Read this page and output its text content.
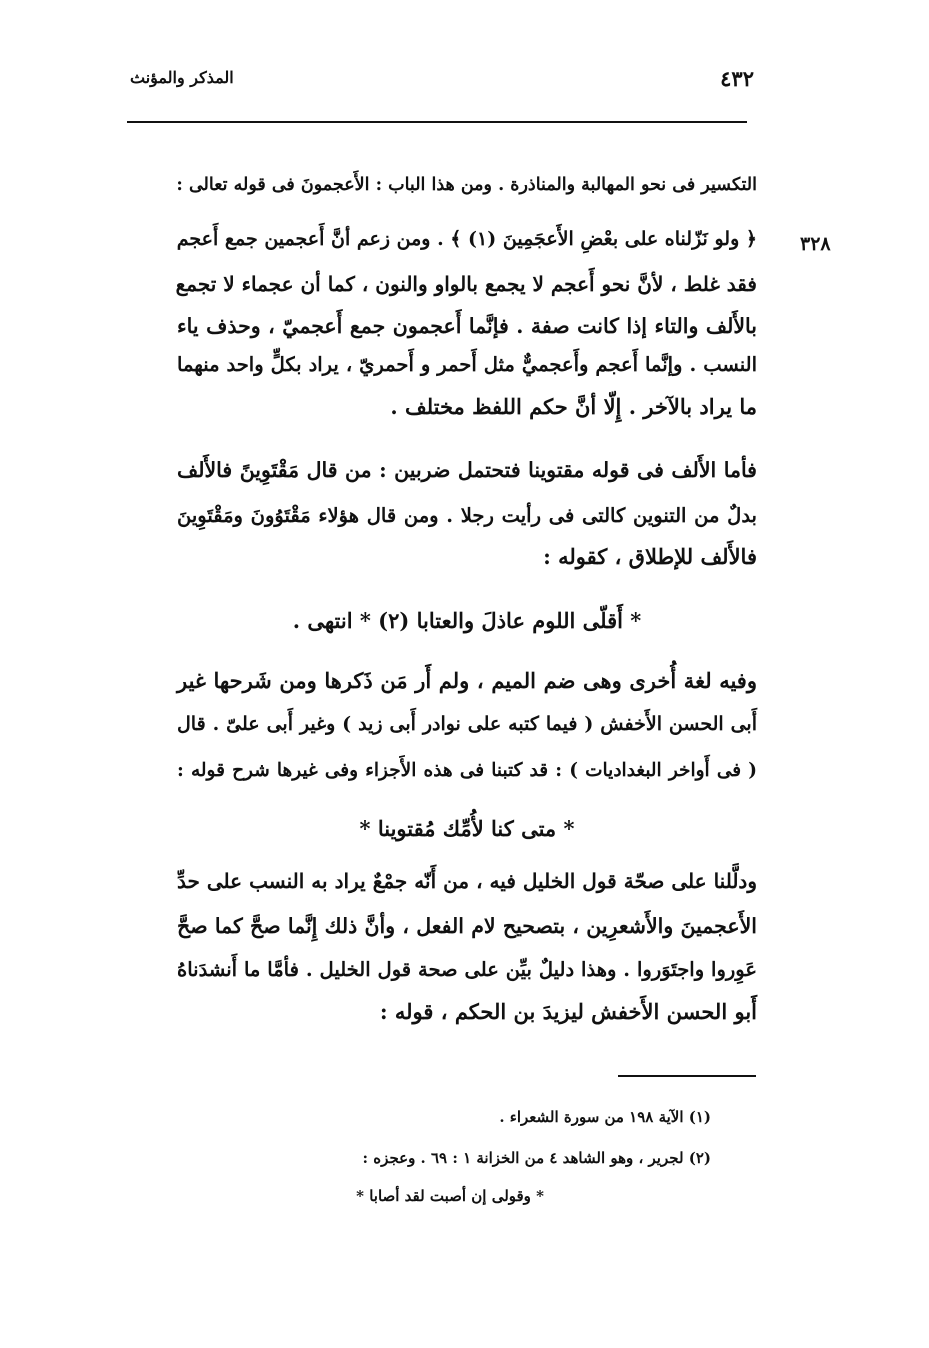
٤٣٢
المذكر والمؤنث
٣٢٨
التكسير فى نحو المهالبة والمناذرة . ومن هذا الباب : الأَعجمونَ فى قوله تعالى :
﴿ ولو نَزّلناه على بعْضِ الأَعجَمِينَ (١) ﴾ . ومن زعم أنَّ أَعجمين جمع أَعجم
فقد غلط ، لأنَّ نحو أَعجم لا يجمع بالواو والنون ، كما أن عجماء لا تجمع
بالأَلف والتاء إذا كانت صفة . فإنَّما أَعجمون جمع أَعجميّ ، وحذف ياء
النسب . وإنَّما أَعجم وأَعجميٌّ مثل أَحمر و أَحمريّ ، يراد بكلٍّ واحد منهما
ما يراد بالآخر . إِلّا أنَّ حكم اللفظ مختلف .
فأما الأَلف فى قوله مقتوينا فتحتمل ضربين : من قال مَقْتَوِينً فالأَلف
بدلٌ من التنوين كالتى فى رأيت رجلا . ومن قال هؤلاء مَقْتَوُونَ ومَقْتَوِينَ
فالأَلف للإطلاق ، كقوله :
* أَقلّى اللوم عاذلَ والعتابا (٢) * انتهى .
وفيه لغة أُخرى وهى ضم الميم ، ولم أَر مَن ذَكرها ومن شَرحها غير
أَبى الحسن الأَخفش ( فيما كتبه على نوادر أَبى زيد ) وغير أَبى علىّ . قال
( فى أَواخر البغداديات ) : قد كتبنا فى هذه الأَجزاء وفى غيرها شرح قوله :
* متى كنا لأُمِّك مُقتوينا *
ودلَّلنا على صحّة قول الخليل فيه ، من أَنّه جمْعٌ يراد به النسب على حدِّ
الأَعجمينَ والأَشعرِين ، بتصحيح لام الفعل ، وأنَّ ذلك إِنَّما صحَّ كما صحَّ
عَوِروا واجتَوَروا . وهذا دليلٌ بيِّن على صحة قول الخليل . فأمَّا ما أَنشدَناهُ
أَبو الحسن الأَخفش ليزيدَ بن الحكم ، قوله :
(١) الآية ١٩٨ من سورة الشعراء .
(٢) لجرير ، وهو الشاهد ٤ من الخزانة ١ : ٦٩ . وعجزه :
* وقولى إن أصبت لقد أصابا *
